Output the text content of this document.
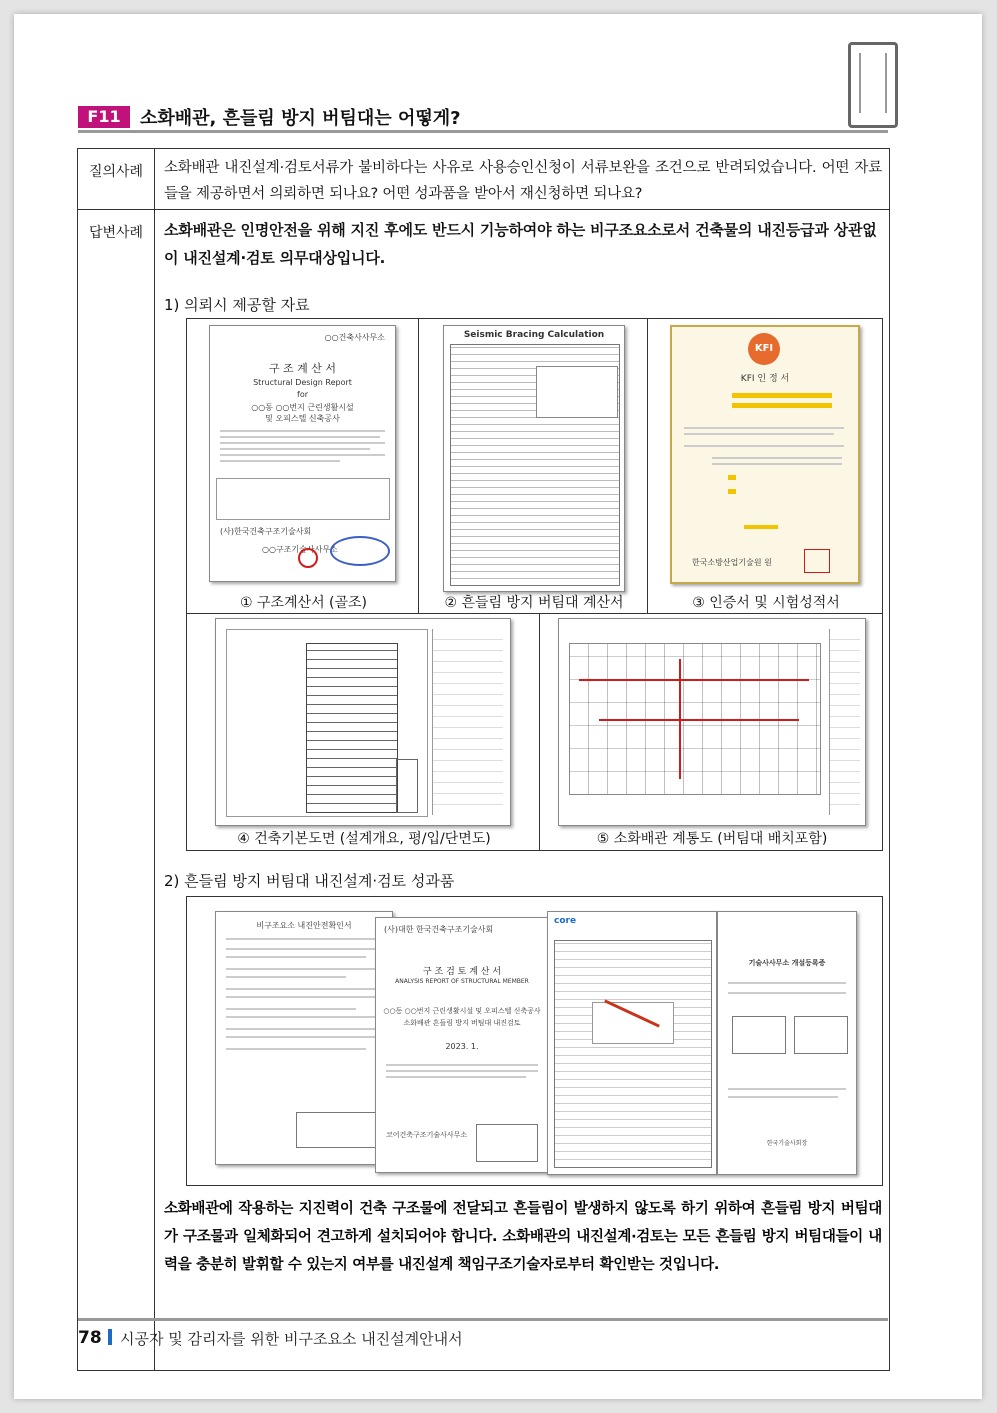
F11	소화배관, 흔들림 방지 버팀대는 어떻게?
질의사례	소화배관 내진설계·검토서류가 불비하다는 사유로 사용승인신청이 서류보완을 조건으로 반려되었습니다. 어떤 자료들을 제공하면서 의뢰하면 되나요? 어떤 성과품을 받아서 재신청하면 되나요?
답변사례	소화배관은 인명안전을 위해 지진 후에도 반드시 기능하여야 하는 비구조요소로서 건축물의 내진등급과 상관없이 내진설계·검토 의무대상입니다.
1) 의뢰시 제공할 자료
○○건축사사무소
구 조 계 산 서
Structural Design Report
for
○○동 ○○번지 근린생활시설
및 오피스텔 신축공사
(사)한국건축구조기술사회
○○구조기술사사무소
① 구조계산서 (골조)
Seismic Bracing Calculation
② 흔들림 방지 버팀대 계산서
KFI
KFI 인 정 서
한국소방산업기술원 원
③ 인증서 및 시험성적서
④ 건축기본도면 (설계개요, 평/입/단면도)	⑤ 소화배관 계통도 (버팀대 배치포함)
2) 흔들림 방지 버팀대 내진설계·검토 성과품
비구조요소 내진안전확인서	(사)대한 한국건축구조기술사회
구 조 검 토 계 산 서
ANALYSIS REPORT OF STRUCTURAL MEMBER
○○동 ○○번지 근린생활시설 및 오피스텔 신축공사
소화배관 흔들림 방지 버팀대 내진검토
2023. 1.
코어건축구조기술사사무소
core
기술사사무소 개설등록증
한국기술사회장
소화배관에 작용하는 지진력이 건축 구조물에 전달되고 흔들림이 발생하지 않도록 하기 위하여 흔들림 방지 버팀대가 구조물과 일체화되어 견고하게 설치되어야 합니다. 소화배관의 내진설계·검토는 모든 흔들림 방지 버팀대들이 내력을 충분히 발휘할 수 있는지 여부를 내진설계 책임구조기술자로부터 확인받는 것입니다.
78 시공자 및 감리자를 위한 비구조요소 내진설계안내서
